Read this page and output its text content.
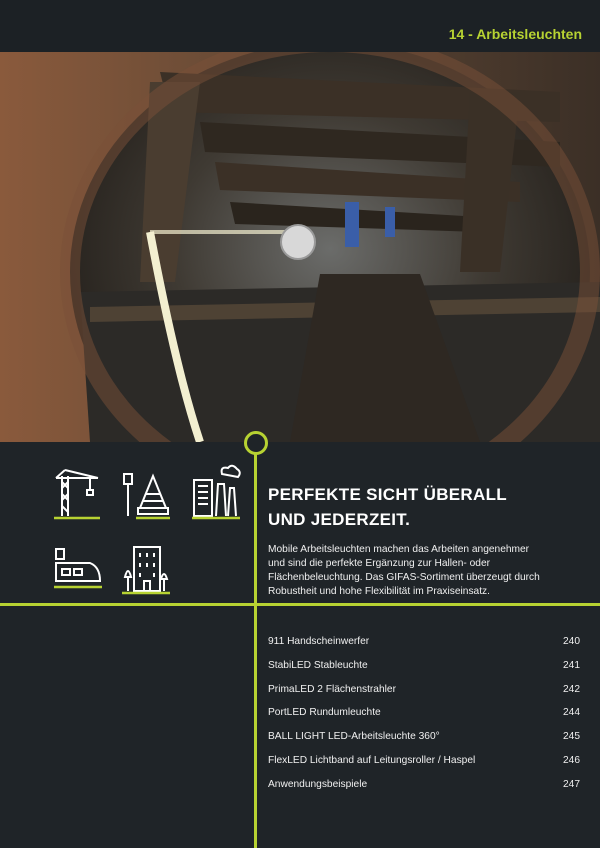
14 - Arbeitsleuchten
PERFEKTE SICHT ÜBERALL
UND JEDERZEIT.
Mobile Arbeitsleuchten machen das Arbeiten angenehmer
und sind die perfekte Ergänzung zur Hallen- oder
Flächenbeleuchtung. Das GIFAS-Sortiment überzeugt durch
Robustheit und hohe Flexibilität im Praxiseinsatz.
911 Handscheinwerfer	240
StabiLED Stableuchte	241
PrimaLED 2 Flächenstrahler	242
PortLED Rundumleuchte	244
BALL LIGHT LED-Arbeitsleuchte 360°	245
FlexLED Lichtband auf Leitungsroller / Haspel	246
Anwendungsbeispiele	247
